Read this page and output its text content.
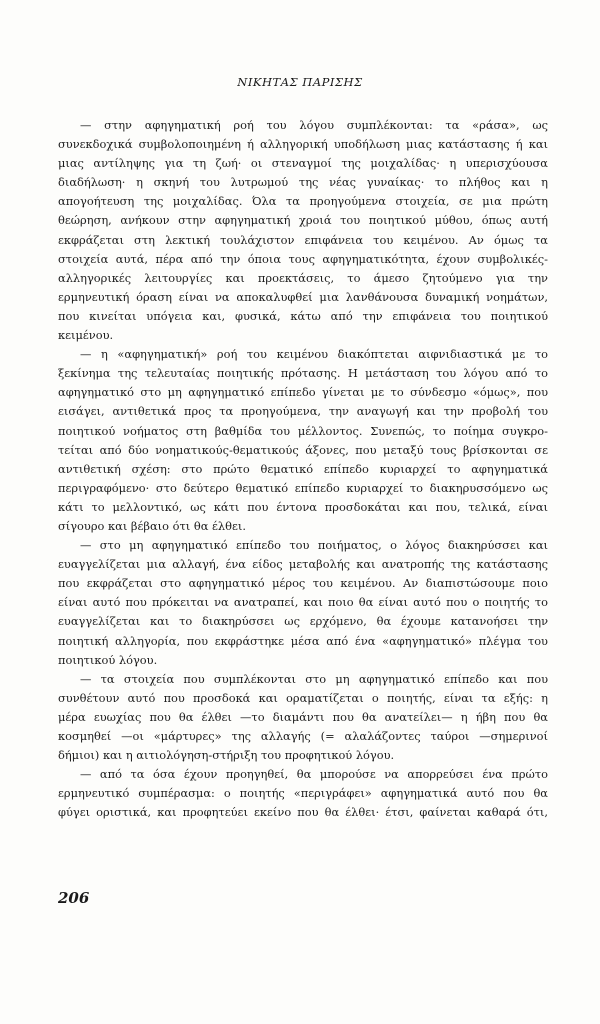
ΝΙΚΗΤΑΣ ΠΑΡΙΣΗΣ
— στην αφηγηματική ροή του λόγου συμπλέκονται: τα «ράσα», ως
συνεκδοχικά συμβολοποιημένη ή αλληγορική υποδήλωση μιας κατάστασης ή και
μιας αντίληψης για τη ζωή· οι στεναγμοί της μοιχαλίδας· η υπερισχύουσα
διαδήλωση· η σκηνή του λυτρωμού της νέας γυναίκας· το πλήθος και η
απογοήτευση της μοιχαλίδας. Όλα τα προηγούμενα στοιχεία, σε μια πρώτη
θεώρηση, ανήκουν στην αφηγηματική χροιά του ποιητικού μύθου, όπως αυτή
εκφράζεται στη λεκτική τουλάχιστον επιφάνεια του κειμένου. Αν όμως τα
στοιχεία αυτά, πέρα από την όποια τους αφηγηματικότητα, έχουν συμβολικές-
αλληγορικές λειτουργίες και προεκτάσεις, το άμεσο ζητούμενο για την
ερμηνευτική όραση είναι να αποκαλυφθεί μια λανθάνουσα δυναμική νοημάτων,
που κινείται υπόγεια και, φυσικά, κάτω από την επιφάνεια του ποιητικού
κειμένου.
— η «αφηγηματική» ροή του κειμένου διακόπτεται αιφνιδιαστικά με το
ξεκίνημα της τελευταίας ποιητικής πρότασης. Η μετάσταση του λόγου από το
αφηγηματικό στο μη αφηγηματικό επίπεδο γίνεται με το σύνδεσμο «όμως», που
εισάγει, αντιθετικά προς τα προηγούμενα, την αναγωγή και την προβολή του
ποιητικού νοήματος στη βαθμίδα του μέλλοντος. Συνεπώς, το ποίημα συγκρο-
τείται από δύο νοηματικούς-θεματικούς άξονες, που μεταξύ τους βρίσκονται σε
αντιθετική σχέση: στο πρώτο θεματικό επίπεδο κυριαρχεί το αφηγηματικά
περιγραφόμενο· στο δεύτερο θεματικό επίπεδο κυριαρχεί το διακηρυσσόμενο ως
κάτι το μελλοντικό, ως κάτι που έντονα προσδοκάται και που, τελικά, είναι
σίγουρο και βέβαιο ότι θα έλθει.
— στο μη αφηγηματικό επίπεδο του ποιήματος, ο λόγος διακηρύσσει και
ευαγγελίζεται μια αλλαγή, ένα είδος μεταβολής και ανατροπής της κατάστασης
που εκφράζεται στο αφηγηματικό μέρος του κειμένου. Αν διαπιστώσουμε ποιο
είναι αυτό που πρόκειται να ανατραπεί, και ποιο θα είναι αυτό που ο ποιητής το
ευαγγελίζεται και το διακηρύσσει ως ερχόμενο, θα έχουμε κατανοήσει την
ποιητική αλληγορία, που εκφράστηκε μέσα από ένα «αφηγηματικό» πλέγμα του
ποιητικού λόγου.
— τα στοιχεία που συμπλέκονται στο μη αφηγηματικό επίπεδο και που
συνθέτουν αυτό που προσδοκά και οραματίζεται ο ποιητής, είναι τα εξής: η
μέρα ευωχίας που θα έλθει —το διαμάντι που θα ανατείλει— η ήβη που θα
κοσμηθεί —οι «μάρτυρες» της αλλαγής (= αλαλάζοντες ταύροι —σημερινοί
δήμιοι) και η αιτιολόγηση-στήριξη του προφητικού λόγου.
— από τα όσα έχουν προηγηθεί, θα μπορούσε να απορρεύσει ένα πρώτο
ερμηνευτικό συμπέρασμα: ο ποιητής «περιγράφει» αφηγηματικά αυτό που θα
φύγει οριστικά, και προφητεύει εκείνο που θα έλθει· έτσι, φαίνεται καθαρά ότι,
206
